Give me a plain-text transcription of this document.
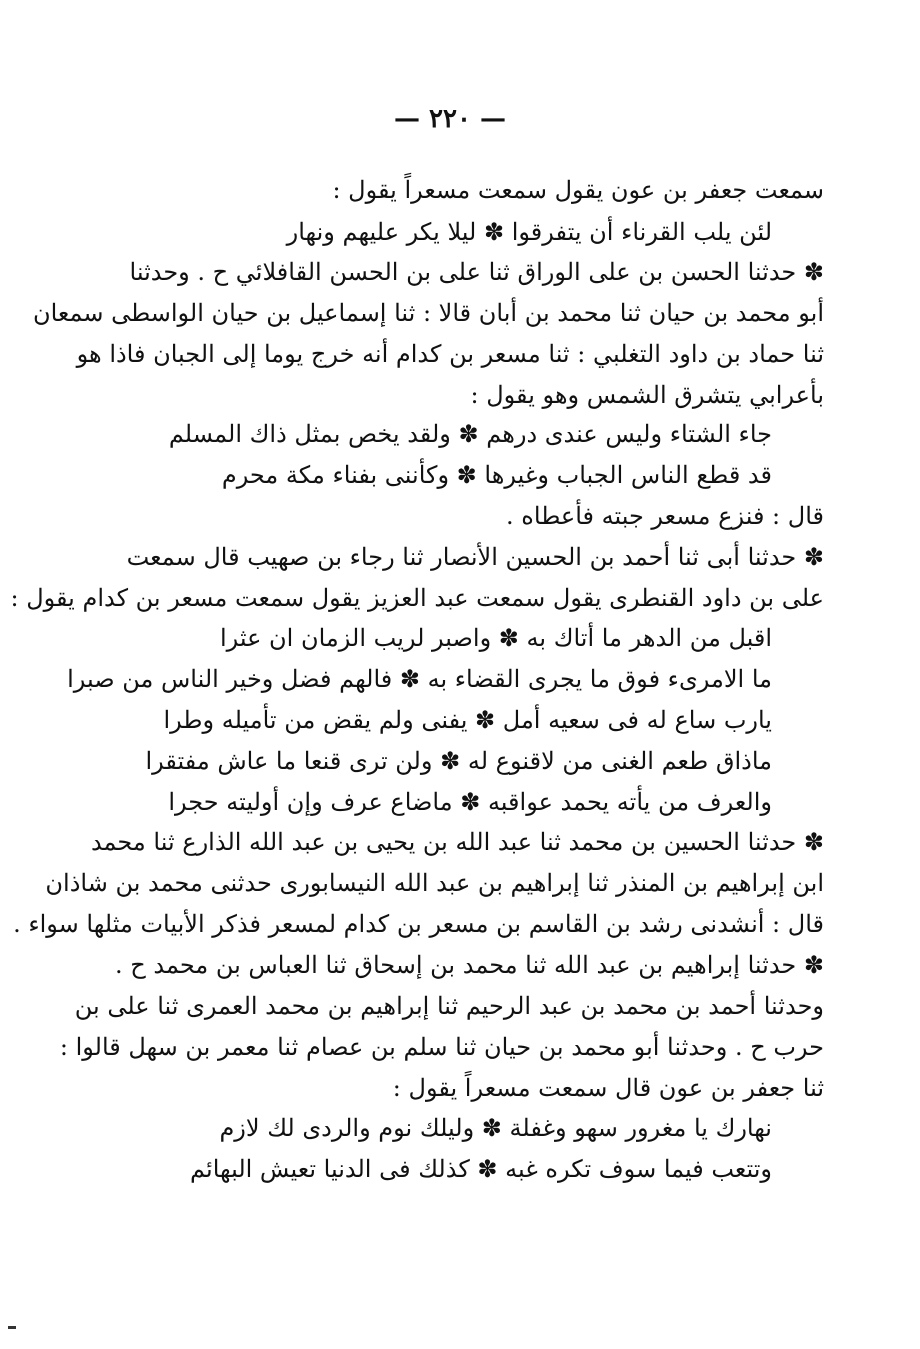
— ٢٢٠ —
سمعت جعفر بن عون يقول سمعت مسعراً يقول :
لئن يلب القرناء أن يتفرقوا ✽ ليلا يكر عليهم ونهار
✽ حدثنا الحسن بن على الوراق ثنا على بن الحسن القافلائي ح . وحدثنا
أبو محمد بن حيان ثنا محمد بن أبان قالا : ثنا إسماعيل بن حيان الواسطى سمعان
ثنا حماد بن داود التغلبي : ثنا مسعر بن كدام أنه خرج يوما إلى الجبان فاذا هو
بأعرابي يتشرق الشمس وهو يقول :
جاء الشتاء وليس عندى درهم ✽ ولقد يخص بمثل ذاك المسلم
قد قطع الناس الجباب وغيرها ✽ وكأننى بفناء مكة محرم
قال : فنزع مسعر جبته فأعطاه .
✽ حدثنا أبى ثنا أحمد بن الحسين الأنصار ثنا رجاء بن صهيب قال سمعت
على بن داود القنطرى يقول سمعت عبد العزيز يقول سمعت مسعر بن كدام يقول :
اقبل من الدهر ما أتاك به ✽ واصبر لريب الزمان ان عثرا
ما الامرىء فوق ما يجرى القضاء به ✽ فالهم فضل وخير الناس من صبرا
يارب ساع له فى سعيه أمل ✽ يفنى ولم يقض من تأميله وطرا
ماذاق طعم الغنى من لاقنوع له ✽ ولن ترى قنعا ما عاش مفتقرا
والعرف من يأته يحمد عواقبه ✽ ماضاع عرف وإن أوليته حجرا
✽ حدثنا الحسين بن محمد ثنا عبد الله بن يحيى بن عبد الله الذارع ثنا محمد
ابن إبراهيم بن المنذر ثنا إبراهيم بن عبد الله النيسابورى حدثنى محمد بن شاذان
قال : أنشدنى رشد بن القاسم بن مسعر بن كدام لمسعر فذكر الأبيات مثلها سواء .
✽ حدثنا إبراهيم بن عبد الله ثنا محمد بن إسحاق ثنا العباس بن محمد ح .
وحدثنا أحمد بن محمد بن عبد الرحيم ثنا إبراهيم بن محمد العمرى ثنا على بن
حرب ح . وحدثنا أبو محمد بن حيان ثنا سلم بن عصام ثنا معمر بن سهل قالوا :
ثنا جعفر بن عون قال سمعت مسعراً يقول :
نهارك يا مغرور سهو وغفلة ✽ وليلك نوم والردى لك لازم
وتتعب فيما سوف تكره غبه ✽ كذلك فى الدنيا تعيش البهائم
